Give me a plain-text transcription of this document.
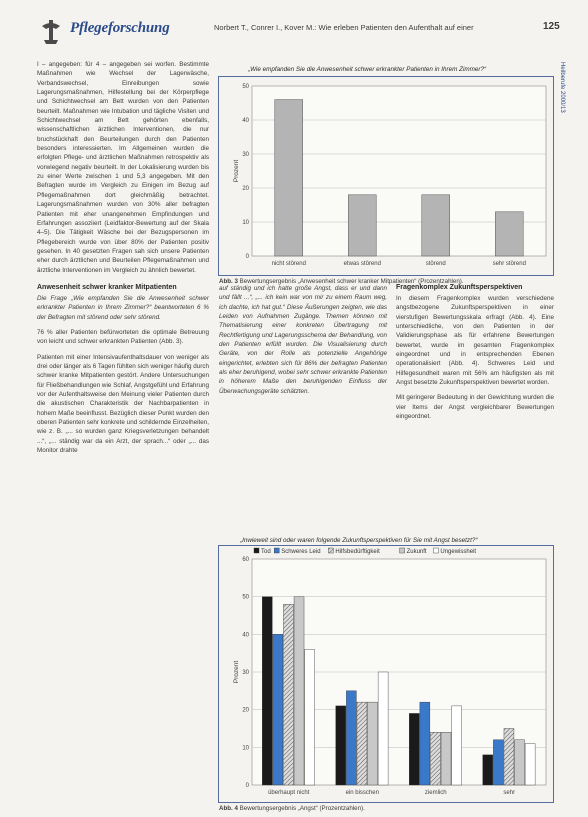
Pflegeforschung	Norbert T., Conrer I., Kover M.: Wie erleben Patienten den Aufenthalt auf einer	125
Heilberufe 2000/13

I – angegeben: für 4 – angegeben sei worfen. Bestimmte Maßnahmen wie Wechsel der Lagerwäsche, Verbandswechsel, Einreibungen sowie Lagerungsmaßnahmen, Hilfestellung bei der Körperpflege und Schichtwechsel am Bett wurden von den Patienten beurteilt. Maßnahmen wie Intubation und tägliche Visiten und Schichtwechsel am Bett gehörten ebenfalls, wissenschaftlichen ärztlichen Interventionen, die nur bruchstückhaft den Beurteilungen durch den Patienten besonders interessierten. Im Allgemeinen wurden die erfolgten Pflege- und ärztlichen Maßnahmen retrospektiv als vorwiegend negativ beurteilt. In der Lokalisierung wurden bis zu einer Werte zwischen 1 und 5,3 angegeben. Mit den Befragten wurde im Vergleich zu Einigen im Bezug auf Pflegemaßnahmen dort gleichmäßig betrachtet. Lagerungsmaßnahmen wurden von 30% aller befragten Patienten mit eher unangenehmen Empfindungen und Erfahrungen assoziiert (Leidfaktor-Bewertung auf der Skala 4–5). Die Tätigkeit Wäsche bei der Bezugspersonen im Pflegebereich wurde von über 80% der Patienten positiv gesehen. In 40 gesetzten Fragen sah sich unsere Patienten eher durch ärztlichen und Beurteilen Pflegemaßnahmen und ärztliche Interventionen im Vergleich zu ähnlich bewertet.

Anwesenheit schwer kranker Mitpatienten

Die Frage „Wie empfanden Sie die Anwesenheit schwer erkrankter Patienten in Ihrem Zimmer?“ beantworteten 6 % der Befragten mit störend oder sehr störend.

76 % aller Patienten befürworteten die optimale Betreuung von leicht und schwer erkrankten Patienten (Abb. 3).

Patienten mit einer Intensivaufenthaltsdauer von weniger als drei oder länger als 6 Tagen fühlten sich weniger häufig durch schwer kranke Mitpatienten gestört. Andere Untersuchungen für Fließbehandlungen wie Schlaf, Angstgefühl und Erfahrung vor der Aufenthaltsweise den Meinung vieler Patienten durch die akustischen Charakteristik der Nachbarpatienten in hohem Maße beeinflusst. Bezüglich dieser Punkt wurden den oberen Patienten sehr konkrete und schildernde Einzelheiten, wie z. B. „... so wurden ganz Kriegsverletzungen behandelt ...“, „... ständig war da ein Arzt, der sprach...“ oder „... das Monitor drahte

„Wie empfanden Sie die Anwesenheit schwer erkrankter Patienten in Ihrem Zimmer?“
0
10
20
30
40
50
Prozent
nicht störend	etwas störend	störend	sehr störend
Abb. 3 Bewertungsergebnis „Anwesenheit schwer kranker Mitpatienten“ (Prozentzahlen).

auf ständig und ich hatte große Angst, dass er und dann und fällt ...“, „... ich kein war von mir zu einem Raum weg, ich dachte, ich hat gut.“ Diese Äußerungen zeigten, wie das Leiden von Aufnahmen Zugänge. Themen können mit Thematisierung einer konkreten Übertragung mit Rechtfertigung und Lagerungsschema der Behandlung, von den Patienten erfüllt wurden. Die Visualisierung durch Geräte, von der Rolle als potenzielle Angehörige eingerichtet, erlebten sich für 86% der befragten Patienten als eher beruhigend, wobei sehr schwer erkrankte Patienten in höherem Maße den beruhigenden Einfluss der Überwachungsgeräte schätzten.

Fragenkomplex Zukunftsperspektiven

In diesem Fragenkomplex wurden verschiedene angstbezogene Zukunftsperspektiven in einer vierstufigen Bewertungsskala erfragt (Abb. 4). Eine unterschiedliche, von den Patienten in der Validierungsphase als für erfahrene Bewertungen bewertet, wurde im gesamten Fragenkomplex eingeordnet und in entsprechenden Ebenen operationalisiert (Abb. 4). Schweres Leid und Hilfegesundheit waren mit 56% am häufigsten als mit Angst besetzte Zukunftsperspektiven bewertet worden.

Mit geringerer Bedeutung in der Gewichtung wurden die vier Items der Angst vergleichbarer Bewertungen eingeordnet.

„Inwieweit sind oder waren folgende Zukunftsperspektiven für Sie mit Angst besetzt?“
Tod Schweres Leid Hilfsbedürftigkeit	Zukunft Ungewissheit
0
10
20
30
40
50
60
Prozent
überhaupt nicht	ein bisschen	ziemlich	sehr
Abb. 4 Bewertungsergebnis „Angst“ (Prozentzahlen).
